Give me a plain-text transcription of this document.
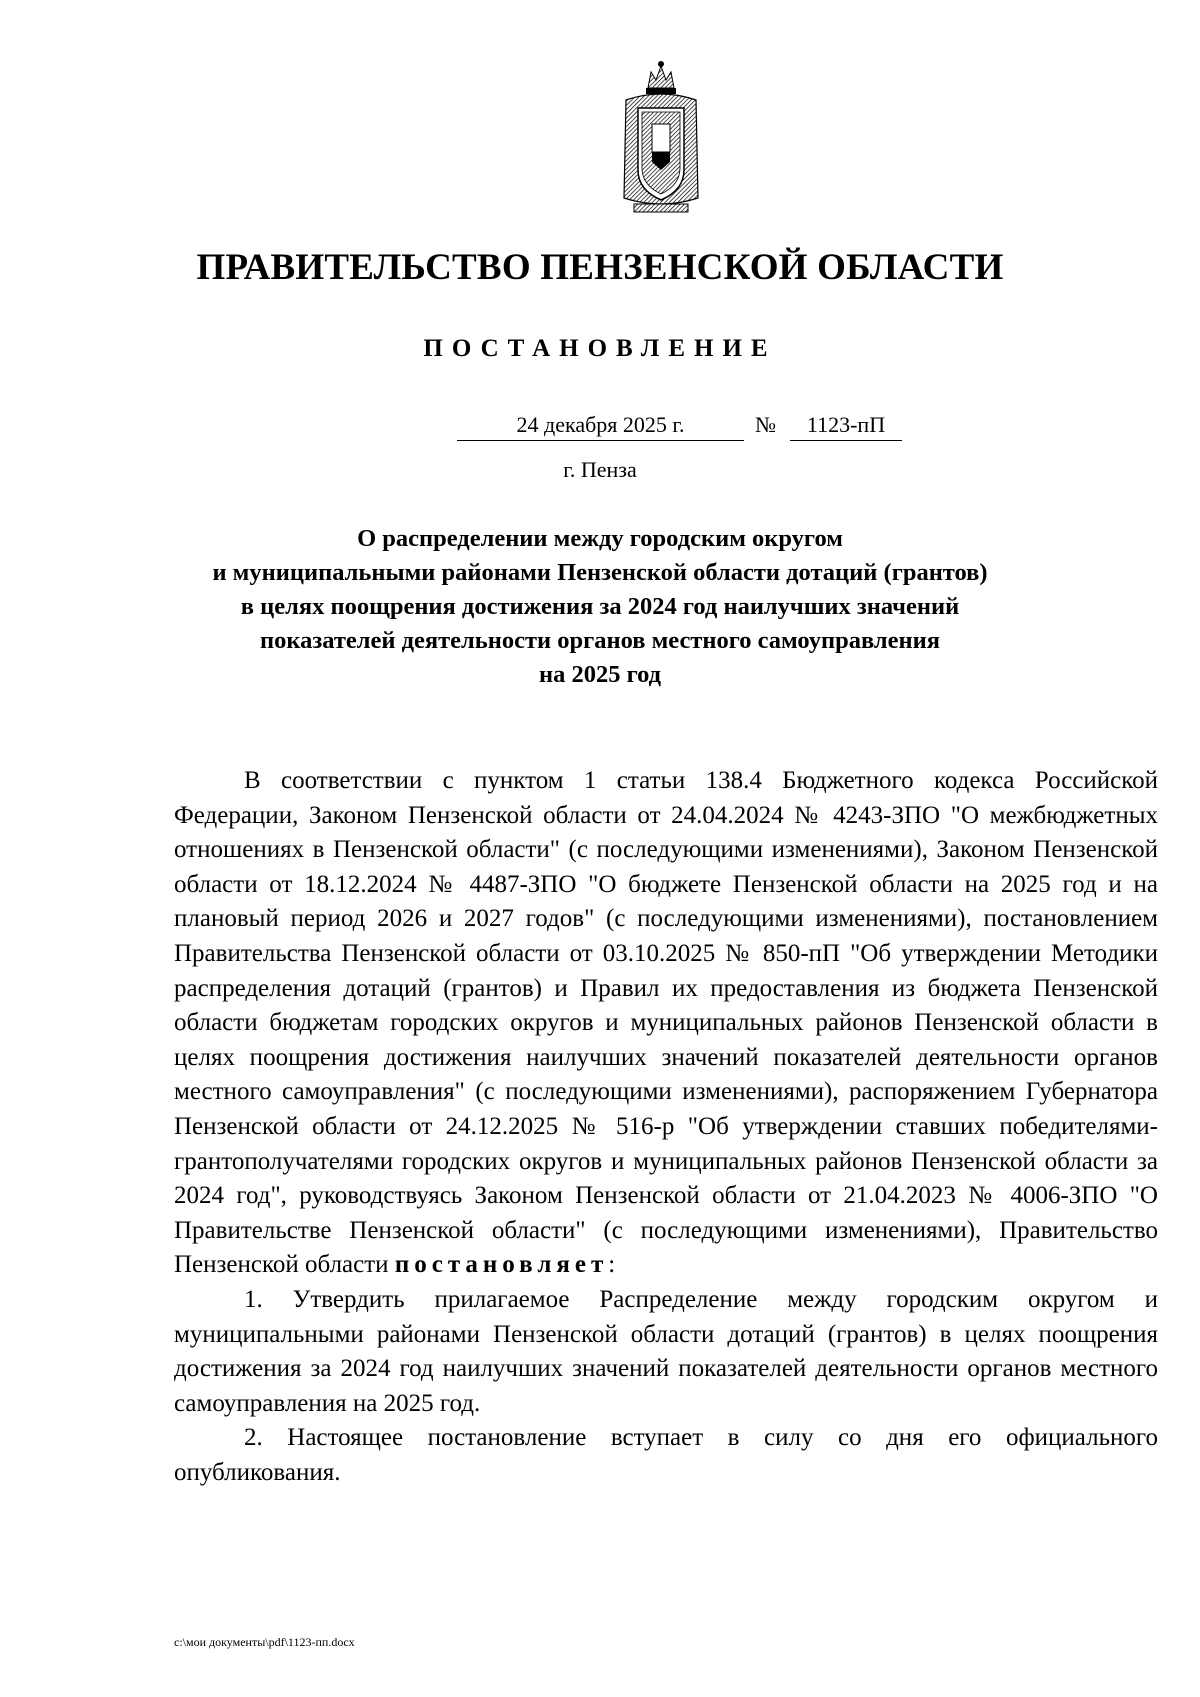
ПРАВИТЕЛЬСТВО ПЕНЗЕНСКОЙ ОБЛАСТИ
ПОСТАНОВЛЕНИЕ
24 декабря 2025 г.	№	1123-пП
г. Пенза
О распределении между городским округом
и муниципальными районами Пензенской области дотаций (грантов)
в целях поощрения достижения за 2024 год наилучших значений
показателей деятельности органов местного самоуправления
на 2025 год

В соответствии с пунктом 1 статьи 138.4 Бюджетного кодекса Российской Федерации, Законом Пензенской области от 24.04.2024 № 4243-ЗПО "О межбюджетных отношениях в Пензенской области" (с последующими изменениями), Законом Пензенской области от 18.12.2024 № 4487-ЗПО "О бюджете Пензенской области на 2025 год и на плановый период 2026 и 2027 годов" (с последующими изменениями), постановлением Правительства Пензенской области от 03.10.2025 № 850-пП "Об утверждении Методики распределения дотаций (грантов) и Правил их предоставления из бюджета Пензенской области бюджетам городских округов и муниципальных районов Пензенской области в целях поощрения достижения наилучших значений показателей деятельности органов местного самоуправления" (с последующими изменениями), распоряжением Губернатора Пензенской области от 24.12.2025 № 516-р "Об утверждении ставших победителями-грантополучателями городских округов и муниципальных районов Пензенской области за 2024 год", руководствуясь Законом Пензенской области от 21.04.2023 № 4006-ЗПО "О Правительстве Пензенской области" (с последующими изменениями), Правительство Пензенской области постановляет:

1. Утвердить прилагаемое Распределение между городским округом и муниципальными районами Пензенской области дотаций (грантов) в целях поощрения достижения за 2024 год наилучших значений показателей деятельности органов местного самоуправления на 2025 год.

2. Настоящее постановление вступает в силу со дня его официального опубликования.

c:\мои документы\pdf\1123-пп.docx
